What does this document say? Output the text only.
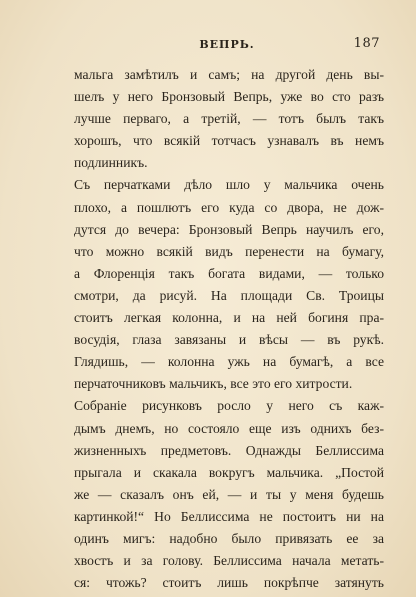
ВЕПРЬ.	187
мальга замѣтилъ и самъ; на другой день вы-
шелъ у него Бронзовый Вепрь, уже во сто разъ
лучше перваго, а третій, — тотъ былъ такъ
хорошъ, что всякій тотчасъ узнавалъ въ немъ
подлинникъ.
Съ перчатками дѣло шло у мальчика очень
плохо, а пошлютъ его куда со двора, не дож-
дутся до вечера: Бронзовый Вепрь научилъ его,
что можно всякій видъ перенести на бумагу,
а Флоренція такъ богата видами, — только
смотри, да рисуй. На площади Св. Троицы
стоитъ легкая колонна, и на ней богиня пра-
восудія, глаза завязаны и вѣсы — въ рукѣ.
Глядишь, — колонна ужь на бумагѣ, а все
перчаточниковъ мальчикъ, все это его хитрости.
Собраніе рисунковъ росло у него съ каж-
дымъ днемъ, но состояло еще изъ однихъ без-
жизненныхъ предметовъ. Однажды Беллиссима
прыгала и скакала вокругъ мальчика. „Постой
же — сказалъ онъ ей, — и ты у меня будешь
картинкой!“ Но Беллиссима не постоитъ ни на
одинъ мигъ: надобно было привязать ее за
хвостъ и за голову. Беллиссима начала метать-
ся: чтожь? стоитъ лишь покрѣпче затянуть
